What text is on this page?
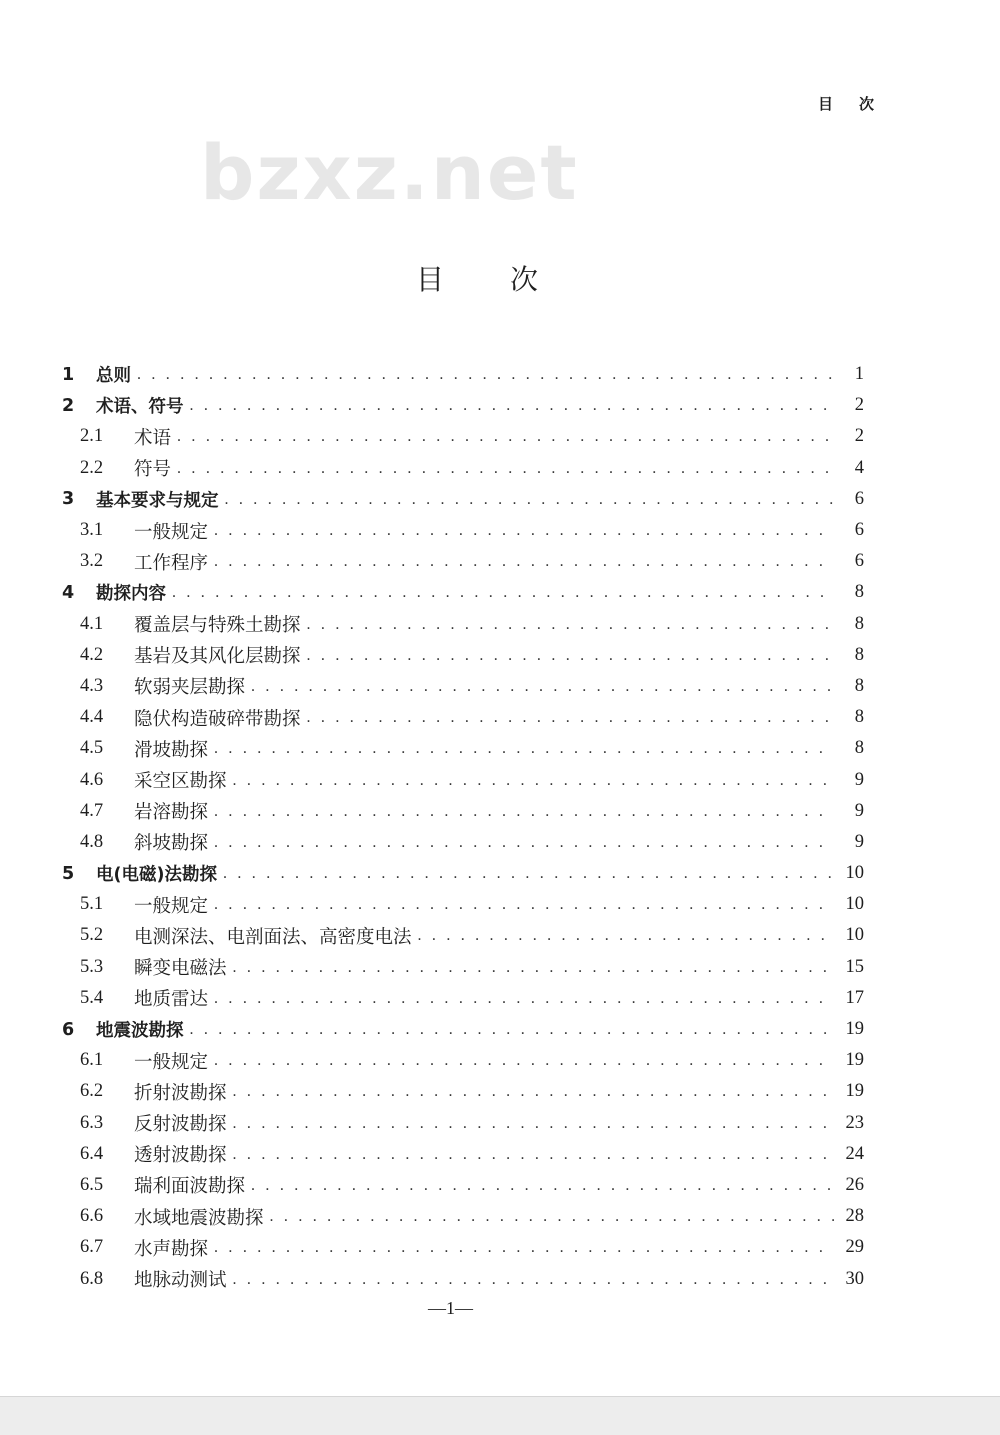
目次
bzxz.net
目次
1	总则 . . .	1
2	术语、符号 . . .	2
2.1	术语 . . .	2
2.2	符号 . . .	4
3	基本要求与规定 . . .	6
3.1	一般规定 . . .	6
3.2	工作程序 . . .	6
4	勘探内容 . . .	8
4.1	覆盖层与特殊土勘探 . . .	8
4.2	基岩及其风化层勘探 . . .	8
4.3	软弱夹层勘探 . . .	8
4.4	隐伏构造破碎带勘探 . . .	8
4.5	滑坡勘探 . . .	8
4.6	采空区勘探 . . .	9
4.7	岩溶勘探 . . .	9
4.8	斜坡勘探 . . .	9
5	电(电磁)法勘探 . . .	10
5.1	一般规定 . . .	10
5.2	电测深法、电剖面法、高密度电法 . . .	10
5.3	瞬变电磁法 . . .	15
5.4	地质雷达 . . .	17
6	地震波勘探 . . .	19
6.1	一般规定 . . .	19
6.2	折射波勘探 . . .	19
6.3	反射波勘探 . . .	23
6.4	透射波勘探 . . .	24
6.5	瑞利面波勘探 . . .	26
6.6	水域地震波勘探 . . .	28
6.7	水声勘探 . . .	29
6.8	地脉动测试 . . .	30
—1—
